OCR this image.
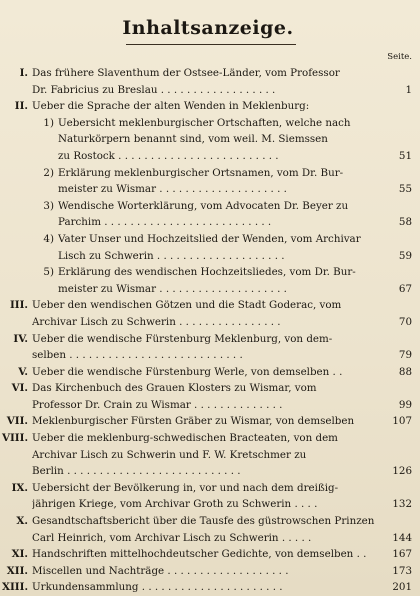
Inhaltsanzeige.
Seite.
I. Das frühere Slaventhum der Ostsee-Länder, vom Professor
Dr. Fabricius zu Breslau . . . . . . . . . . . . . . . . . .	1
II. Ueber die Sprache der alten Wenden in Meklenburg:
1) Uebersicht meklenburgischer Ortschaften, welche nach
Naturkörpern benannt sind, vom weil. M. Siemssen
zu Rostock . . . . . . . . . . . . . . . . . . . . . . . . .	51
2) Erklärung meklenburgischer Ortsnamen, vom Dr. Bur-
meister zu Wismar . . . . . . . . . . . . . . . . . . . .	55
3) Wendische Worterklärung, vom Advocaten Dr. Beyer zu
Parchim . . . . . . . . . . . . . . . . . . . . . . . . . .	58
4) Vater Unser und Hochzeitslied der Wenden, vom Archivar
Lisch zu Schwerin . . . . . . . . . . . . . . . . . . . .	59
5) Erklärung des wendischen Hochzeitsliedes, vom Dr. Bur-
meister zu Wismar . . . . . . . . . . . . . . . . . . . .	67
III. Ueber den wendischen Götzen und die Stadt Goderac, vom
Archivar Lisch zu Schwerin . . . . . . . . . . . . . . . .	70
IV. Ueber die wendische Fürstenburg Meklenburg, von dem-
selben . . . . . . . . . . . . . . . . . . . . . . . . . . .	79
V. Ueber die wendische Fürstenburg Werle, von demselben . .	88
VI. Das Kirchenbuch des Grauen Klosters zu Wismar, vom
Professor Dr. Crain zu Wismar . . . . . . . . . . . . . .	99
VII. Meklenburgischer Fürsten Gräber zu Wismar, von demselben	107
VIII. Ueber die meklenburg-schwedischen Bracteaten, von dem
Archivar Lisch zu Schwerin und F. W. Kretschmer zu
Berlin . . . . . . . . . . . . . . . . . . . . . . . . . . .	126
IX. Uebersicht der Bevölkerung in, vor und nach dem dreißig-
jährigen Kriege, vom Archivar Groth zu Schwerin . . . .	132
X. Gesandtschaftsbericht über die Tausfe des güstrowschen Prinzen
Carl Heinrich, vom Archivar Lisch zu Schwerin . . . . .	144
XI. Handschriften mittelhochdeutscher Gedichte, von demselben . .	167
XII. Miscellen und Nachträge . . . . . . . . . . . . . . . . . . .	173
XIII. Urkundensammlung . . . . . . . . . . . . . . . . . . . . . .	201
